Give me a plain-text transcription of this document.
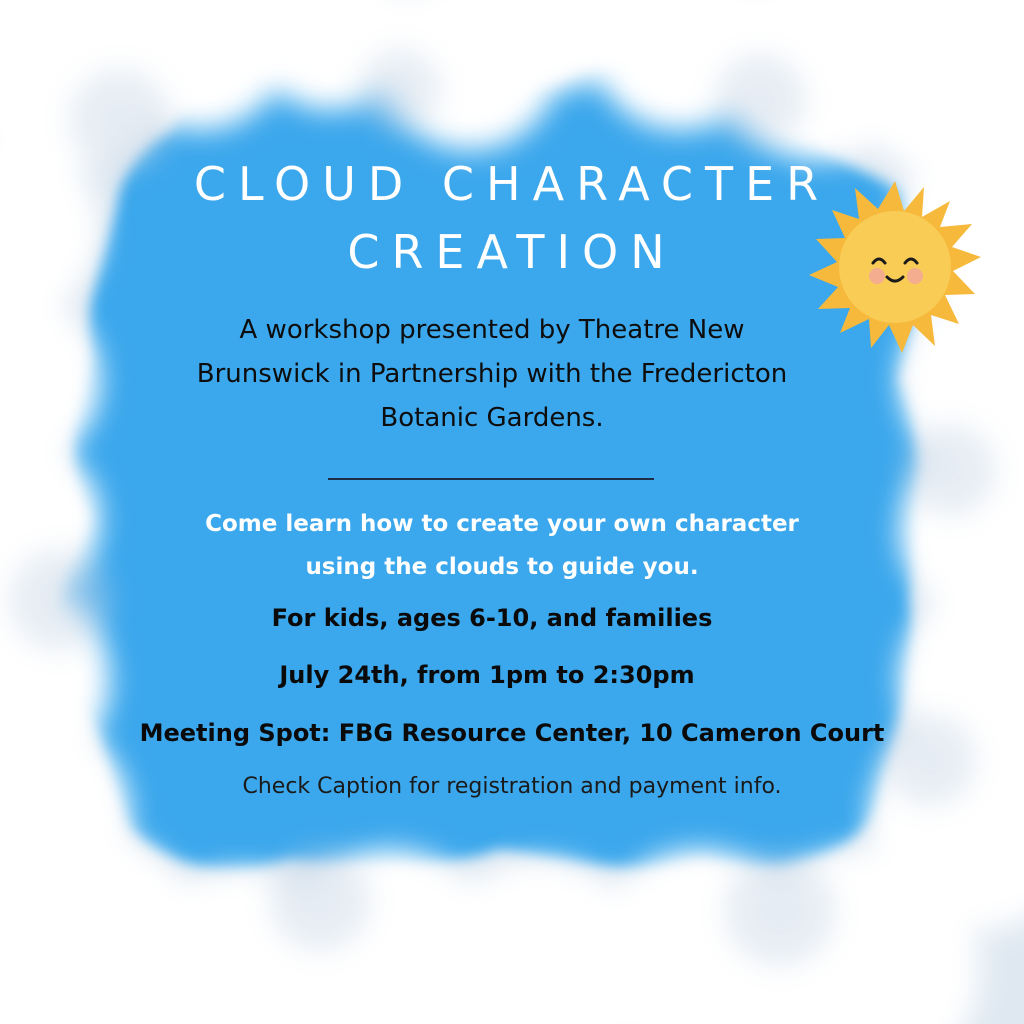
CLOUD CHARACTER
CREATION

A workshop presented by Theatre New
Brunswick in Partnership with the Fredericton
Botanic Gardens.

Come learn how to create your own character
using the clouds to guide you.

For kids, ages 6-10, and families

July 24th, from 1pm to 2:30pm

Meeting Spot: FBG Resource Center, 10 Cameron Court

Check Caption for registration and payment info.
